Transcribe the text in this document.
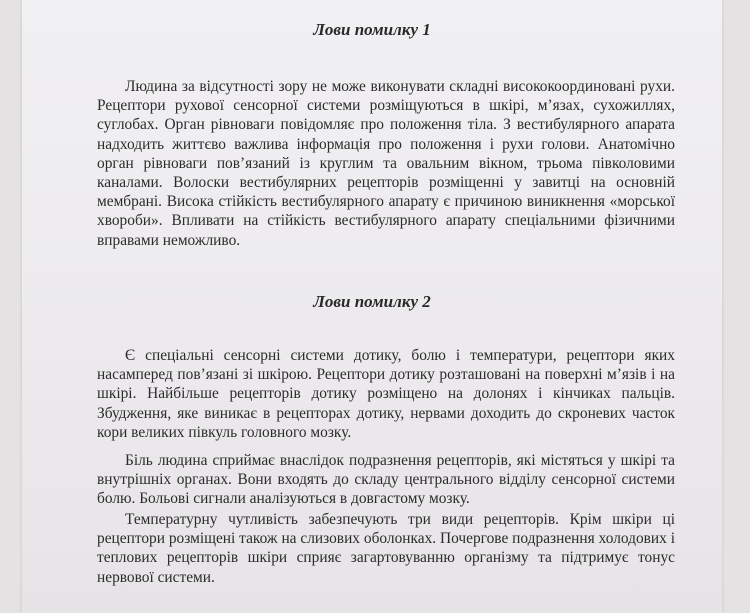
Лови помилку 1

Людина за відсутності зору не може виконувати складні висококоординовані рухи. Рецептори рухової сенсорної системи розміщуються в шкірі, м’язах, сухожиллях, суглобах. Орган рівноваги повідомляє про положення тіла. З вестибулярного апарата надходить життєво важлива інформація про положення і рухи голови. Анатомічно орган рівноваги пов’язаний із круглим та овальним вікном, трьома півколовими каналами. Волоски вестибулярних рецепторів розміщенні у завитці на основній мембрані. Висока стійкість вестибулярного апарату є причиною виникнення «морської хвороби». Впливати на стійкість вестибулярного апарату спеціальними фізичними вправами неможливо.

Лови помилку 2

Є спеціальні сенсорні системи дотику, болю і температури, рецептори яких насамперед пов’язані зі шкірою. Рецептори дотику розташовані на поверхні м’язів і на шкірі. Найбільше рецепторів дотику розміщено на долонях і кінчиках пальців. Збудження, яке виникає в рецепторах дотику, нервами доходить до скроневих часток кори великих півкуль головного мозку.

Біль людина сприймає внаслідок подразнення рецепторів, які містяться у шкірі та внутрішніх органах. Вони входять до складу центрального відділу сенсорної системи болю. Больові сигнали аналізуються в довгастому мозку.

Температурну чутливість забезпечують три види рецепторів. Крім шкіри ці рецептори розміщені також на слизових оболонках. Почергове подразнення холодових і теплових рецепторів шкіри сприяє загартовуванню організму та підтримує тонус нервової системи.
